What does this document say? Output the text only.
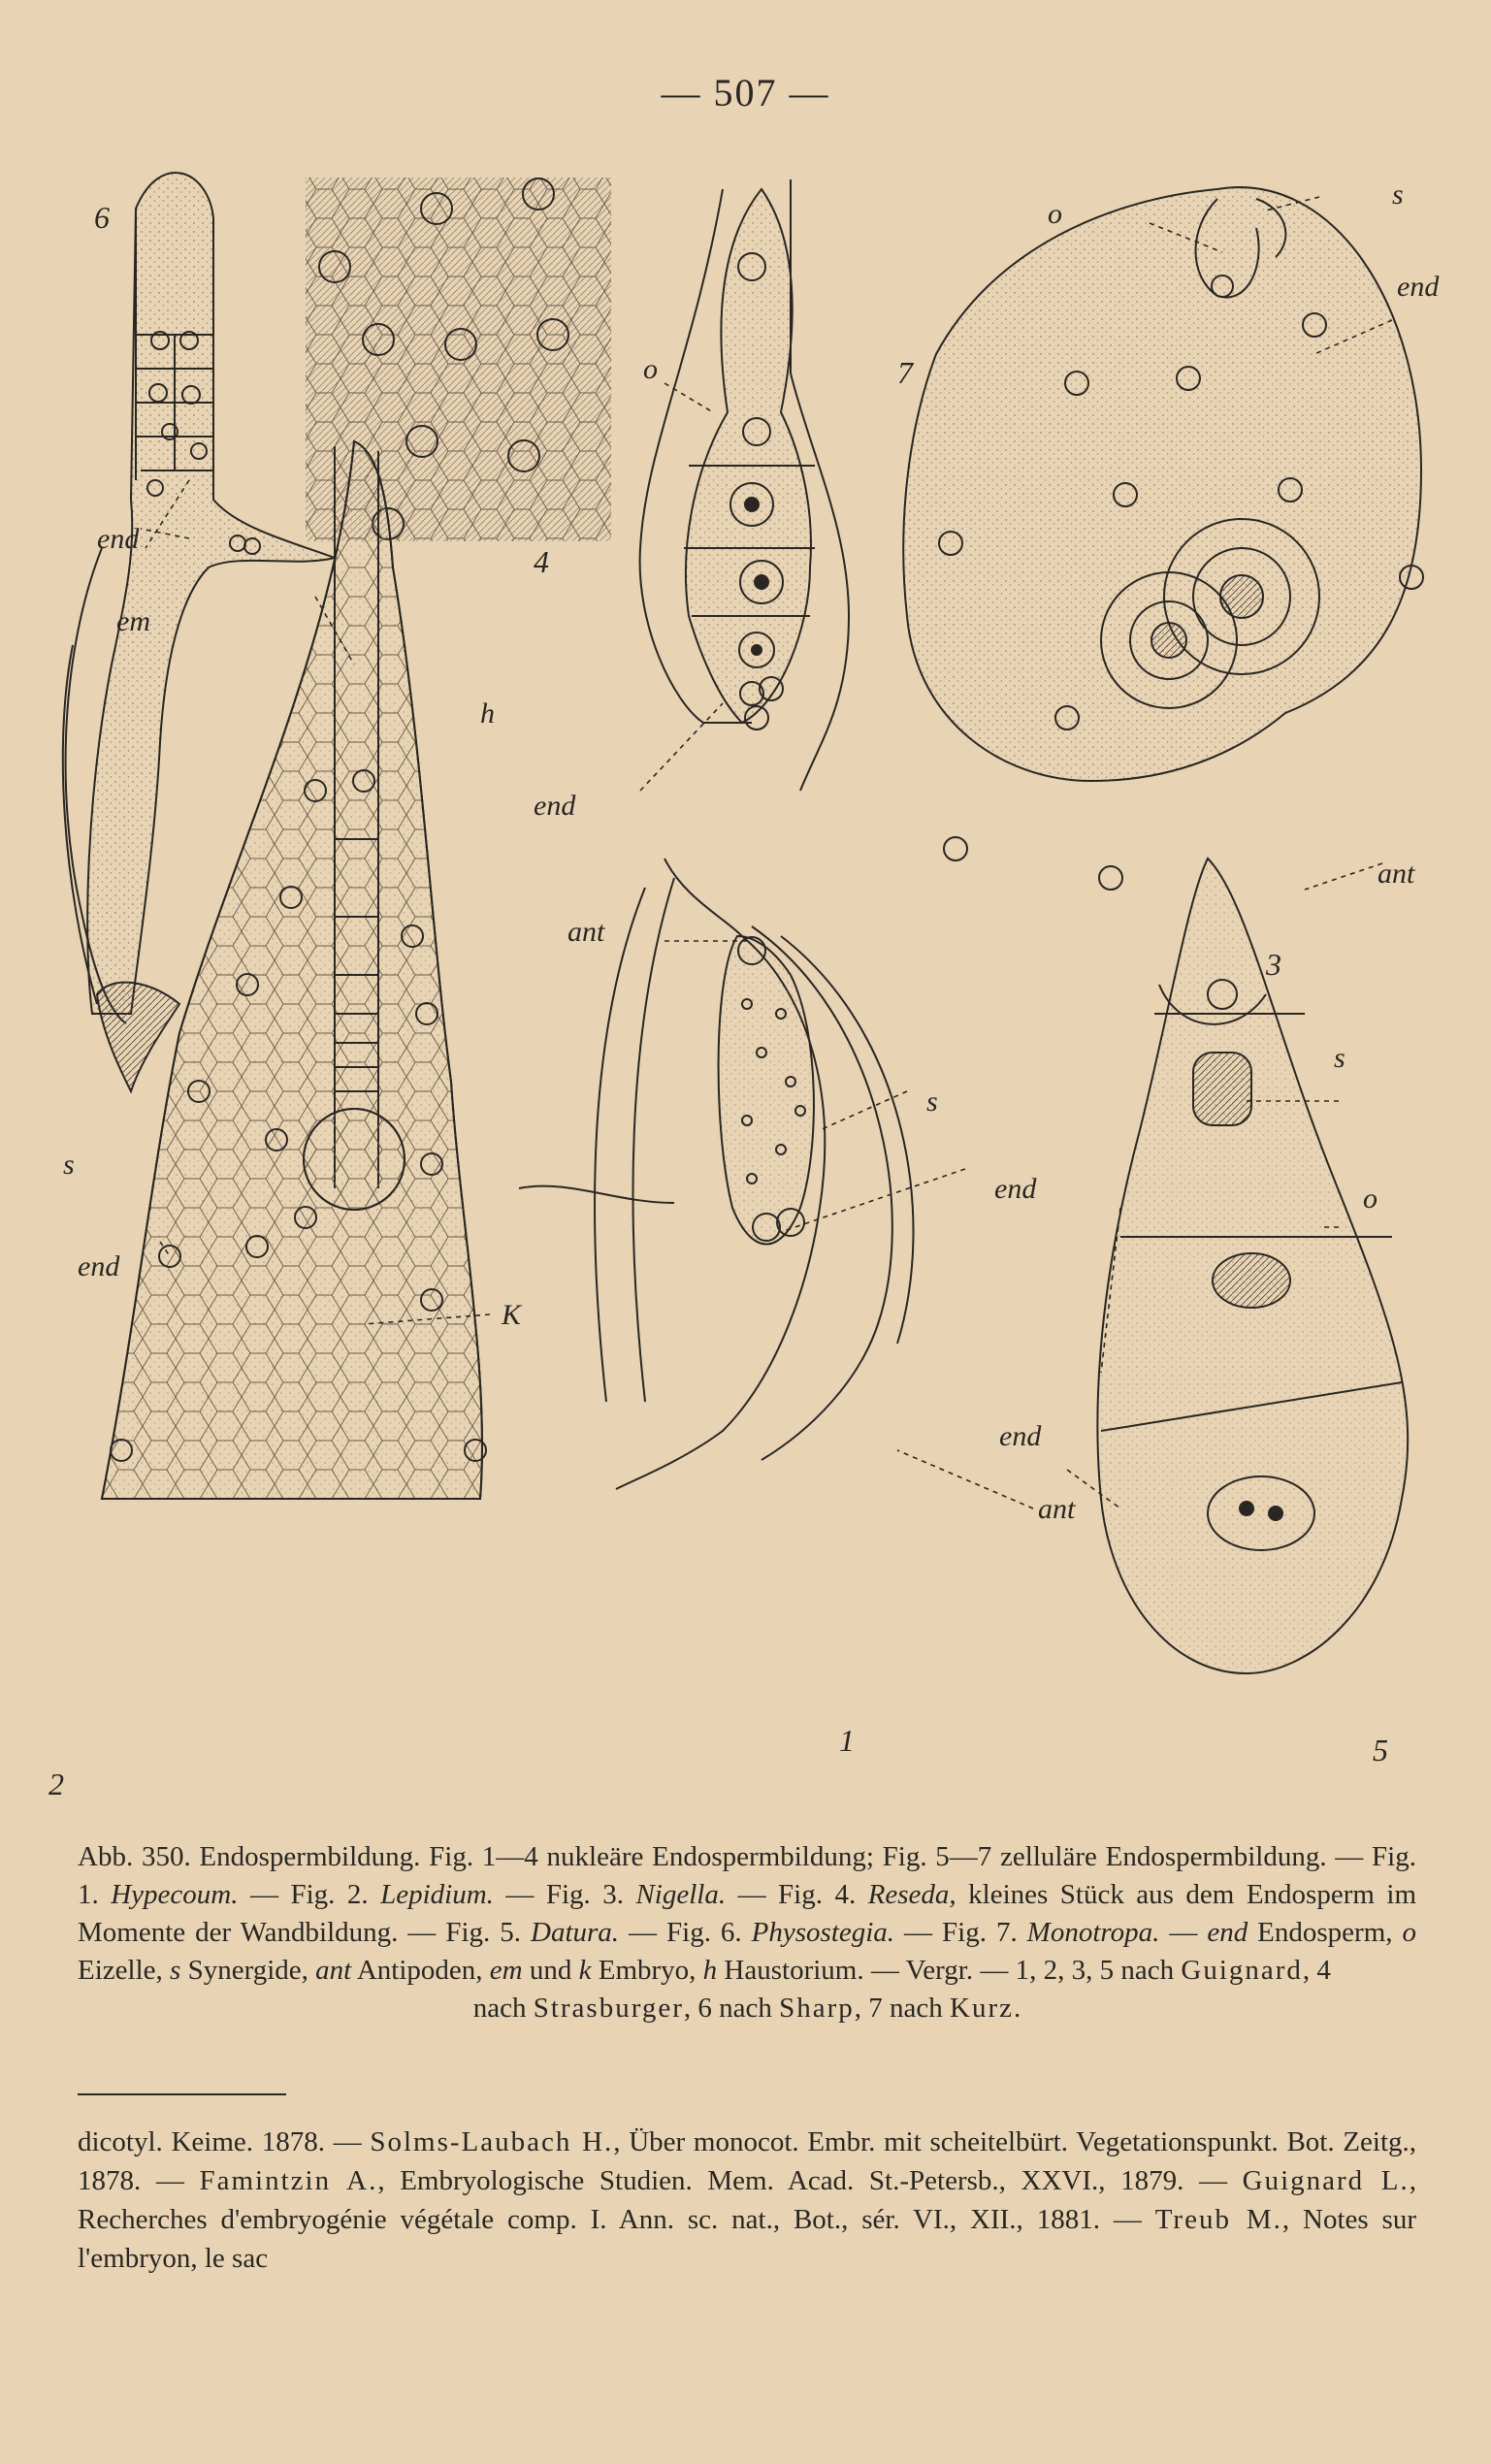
— 507 —
6
4
7
3
2
1	5
end
em
h
s
o
end
ant
o
s
end
ant
end
K
s
end
ant
s
o
end
Abb. 350. Endospermbildung. Fig. 1—4 nukleäre Endospermbildung; Fig. 5—7 zelluläre Endospermbildung. — Fig. 1. Hypecoum. — Fig. 2. Lepidium. — Fig. 3. Nigella. — Fig. 4. Reseda, kleines Stück aus dem Endosperm im Momente der Wandbildung. — Fig. 5. Datura. — Fig. 6. Physostegia. — Fig. 7. Monotropa. — end Endosperm, o Eizelle, s Synergide, ant Antipoden, em und k Embryo, h Haustorium. — Vergr. — 1, 2, 3, 5 nach Guignard, 4
nach Strasburger, 6 nach Sharp, 7 nach Kurz.
dicotyl. Keime. 1878. — Solms-Laubach H., Über monocot. Embr. mit scheitelbürt. Vegetationspunkt. Bot. Zeitg., 1878. — Famintzin A., Embryologische Studien. Mem. Acad. St.-Petersb., XXVI., 1879. — Guignard L., Recherches d'embryogénie végétale comp. I. Ann. sc. nat., Bot., sér. VI., XII., 1881. — Treub M., Notes sur l'embryon, le sac
